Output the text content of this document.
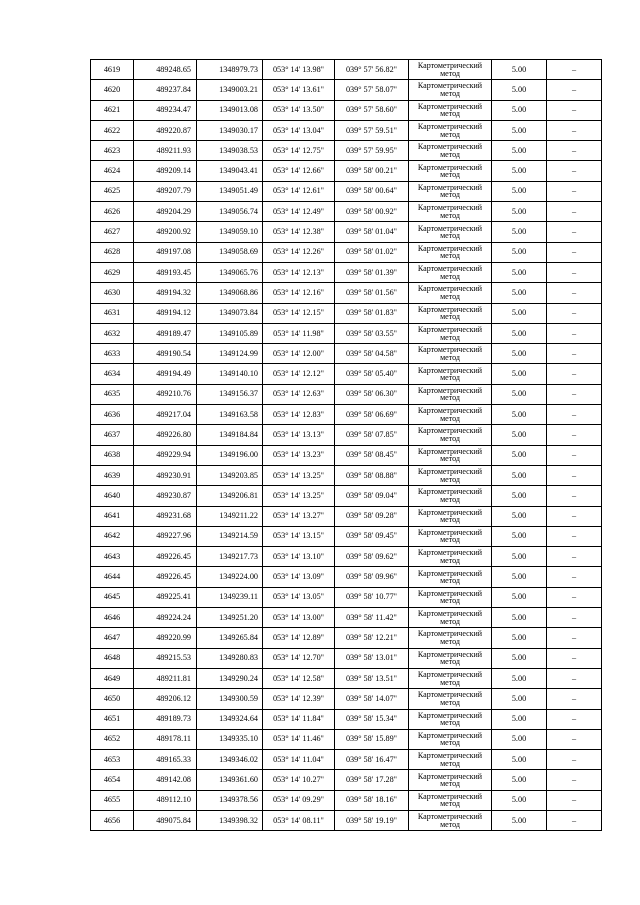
4619	489248.65	1348979.73	053° 14' 13.98"	039° 57' 56.82"	Картометрический метод	5.00	–
4620	489237.84	1349003.21	053° 14' 13.61"	039° 57' 58.07"	Картометрический метод	5.00	–
4621	489234.47	1349013.08	053° 14' 13.50"	039° 57' 58.60"	Картометрический метод	5.00	–
4622	489220.87	1349030.17	053° 14' 13.04"	039° 57' 59.51"	Картометрический метод	5.00	–
4623	489211.93	1349038.53	053° 14' 12.75"	039° 57' 59.95"	Картометрический метод	5.00	–
4624	489209.14	1349043.41	053° 14' 12.66"	039° 58' 00.21"	Картометрический метод	5.00	–
4625	489207.79	1349051.49	053° 14' 12.61"	039° 58' 00.64"	Картометрический метод	5.00	–
4626	489204.29	1349056.74	053° 14' 12.49"	039° 58' 00.92"	Картометрический метод	5.00	–
4627	489200.92	1349059.10	053° 14' 12.38"	039° 58' 01.04"	Картометрический метод	5.00	–
4628	489197.08	1349058.69	053° 14' 12.26"	039° 58' 01.02"	Картометрический метод	5.00	–
4629	489193.45	1349065.76	053° 14' 12.13"	039° 58' 01.39"	Картометрический метод	5.00	–
4630	489194.32	1349068.86	053° 14' 12.16"	039° 58' 01.56"	Картометрический метод	5.00	–
4631	489194.12	1349073.84	053° 14' 12.15"	039° 58' 01.83"	Картометрический метод	5.00	–
4632	489189.47	1349105.89	053° 14' 11.98"	039° 58' 03.55"	Картометрический метод	5.00	–
4633	489190.54	1349124.99	053° 14' 12.00"	039° 58' 04.58"	Картометрический метод	5.00	–
4634	489194.49	1349140.10	053° 14' 12.12"	039° 58' 05.40"	Картометрический метод	5.00	–
4635	489210.76	1349156.37	053° 14' 12.63"	039° 58' 06.30"	Картометрический метод	5.00	–
4636	489217.04	1349163.58	053° 14' 12.83"	039° 58' 06.69"	Картометрический метод	5.00	–
4637	489226.80	1349184.84	053° 14' 13.13"	039° 58' 07.85"	Картометрический метод	5.00	–
4638	489229.94	1349196.00	053° 14' 13.23"	039° 58' 08.45"	Картометрический метод	5.00	–
4639	489230.91	1349203.85	053° 14' 13.25"	039° 58' 08.88"	Картометрический метод	5.00	–
4640	489230.87	1349206.81	053° 14' 13.25"	039° 58' 09.04"	Картометрический метод	5.00	–
4641	489231.68	1349211.22	053° 14' 13.27"	039° 58' 09.28"	Картометрический метод	5.00	–
4642	489227.96	1349214.59	053° 14' 13.15"	039° 58' 09.45"	Картометрический метод	5.00	–
4643	489226.45	1349217.73	053° 14' 13.10"	039° 58' 09.62"	Картометрический метод	5.00	–
4644	489226.45	1349224.00	053° 14' 13.09"	039° 58' 09.96"	Картометрический метод	5.00	–
4645	489225.41	1349239.11	053° 14' 13.05"	039° 58' 10.77"	Картометрический метод	5.00	–
4646	489224.24	1349251.20	053° 14' 13.00"	039° 58' 11.42"	Картометрический метод	5.00	–
4647	489220.99	1349265.84	053° 14' 12.89"	039° 58' 12.21"	Картометрический метод	5.00	–
4648	489215.53	1349280.83	053° 14' 12.70"	039° 58' 13.01"	Картометрический метод	5.00	–
4649	489211.81	1349290.24	053° 14' 12.58"	039° 58' 13.51"	Картометрический метод	5.00	–
4650	489206.12	1349300.59	053° 14' 12.39"	039° 58' 14.07"	Картометрический метод	5.00	–
4651	489189.73	1349324.64	053° 14' 11.84"	039° 58' 15.34"	Картометрический метод	5.00	–
4652	489178.11	1349335.10	053° 14' 11.46"	039° 58' 15.89"	Картометрический метод	5.00	–
4653	489165.33	1349346.02	053° 14' 11.04"	039° 58' 16.47"	Картометрический метод	5.00	–
4654	489142.08	1349361.60	053° 14' 10.27"	039° 58' 17.28"	Картометрический метод	5.00	–
4655	489112.10	1349378.56	053° 14' 09.29"	039° 58' 18.16"	Картометрический метод	5.00	–
4656	489075.84	1349398.32	053° 14' 08.11"	039° 58' 19.19"	Картометрический метод	5.00	–
